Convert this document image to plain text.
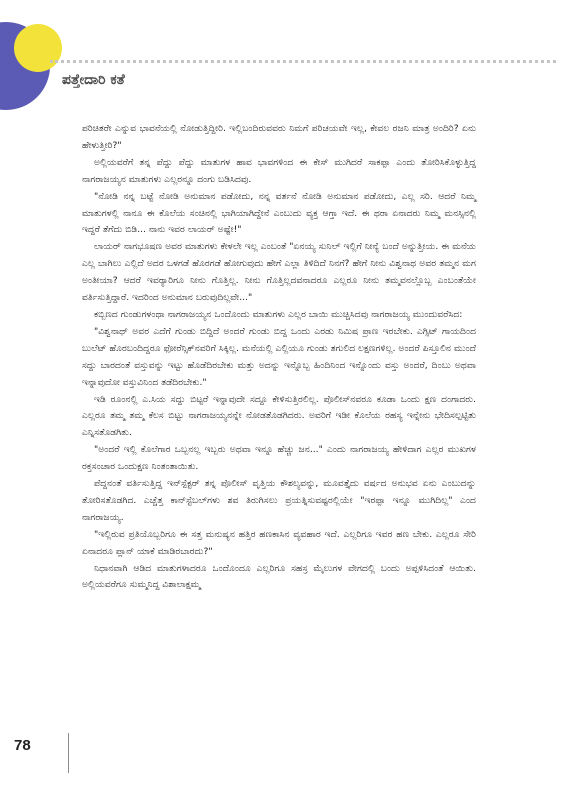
ಪತ್ತೇದಾರಿ ಕತೆ

ಪರಿಚಿತರೇ ಎನ್ನುವ ಭಾವನೆಯಲ್ಲಿ ನೋಡುತ್ತಿದ್ದೀರಿ. ಇಲ್ಲಿಬಂದಿರುವವರು ನಿಮಗೆ ಪರಿಚಯವೇ ಇಲ್ಲ, ಕೇವಲ ರಜನಿ ಮಾತ್ರ ಅಂದಿರಿ? ಏನು ಹೇಳುತ್ತೀರಿ?"

ಅಲ್ಲಿಯವರೆಗೆ ತನ್ನ ಪೆದ್ದು ಪೆದ್ದು ಮಾತುಗಳ ಹಾವ ಭಾವಗಳಿಂದ ಈ ಕೇಸ್ ಮುಗಿದರೆ ಸಾಕಪ್ಪಾ ಎಂದು ತೋರಿಸಿಕೊಳ್ಳುತ್ತಿದ್ದ ನಾಗರಾಜಯ್ಯನ ಮಾತುಗಳು ಎಲ್ಲರನ್ನೂ ದಂಗು ಬಡಿಸಿದವು.

"ನೋಡಿ ನನ್ನ ಬಟ್ಟೆ ನೋಡಿ ಅನುಮಾನ ಪಡೋದು, ನನ್ನ ವರ್ತನೆ ನೋಡಿ ಅನುಮಾನ ಪಡೋದು, ಎಲ್ಲ ಸರಿ. ಆದರೆ ನಿಮ್ಮ ಮಾತುಗಳಲ್ಲಿ ನಾನೂ ಈ ಕೊಲೆಯ ಸಂಚಿನಲ್ಲಿ ಭಾಗಿಯಾಗಿದ್ದೇನೆ ಎಂಬುದು ವ್ಯಕ್ತ ಆಗ್ತಾ ಇದೆ. ಈ ಥರಾ ಏನಾದರು ನಿಮ್ಮ ಮನಸ್ಸಿನಲ್ಲಿ ಇದ್ದರೆ ತೆಗೆದು ಬಿಡಿ... ನಾನು ಇವರ ಲಾಯರ್ ಅಷ್ಟೇ!"

ಲಾಯರ್ ನಾಗಭೂಷಣ ಅವರ ಮಾತುಗಳು ಕೇಳಲೇ ಇಲ್ಲ ಎಂಬಂತೆ "ಏನಯ್ಯ ಸುನಿಲ್ ಇಲ್ಲಿಗೆ ನೀನ್ಯೆ ಬಂದೆ ಅನ್ನುತ್ತೀಯ. ಈ ಮನೆಯ ಎಲ್ಲ ಬಾಗಿಲು ಎಲ್ಲಿದೆ ಅದರ ಒಳಗಡೆ ಹೊರಗಡೆ ಹೋಗುವುದು ಹೇಗೆ ಎಲ್ಲಾ ತಿಳಿದಿದೆ ನಿನಗೆ? ಹೇಗೆ ನೀನು ವಿಶ್ವನಾಥ ಅವರ ತಮ್ಮನ ಮಗ ಅಂತೀಯಾ? ಆದರೆ ಇವರ‍್ಯಾರಿಗೂ ನೀನು ಗೊತ್ತಿಲ್ಲ. ನೀನು ಗೊತ್ತಿಲ್ಲದವನಾದರೂ ಎಲ್ಲರೂ ನೀನು ತಮ್ಮವನಲ್ಲೊಬ್ಬ ಎಂಬಂತೆಯೇ ವರ್ತಿಸುತ್ತಿದ್ದಾರೆ. ಇದರಿಂದ ಅನುಮಾನ ಬರುವುದಿಲ್ಲವೇ..."

ಕಬ್ಬಿಣದ ಗುಂಡುಗಳಂಥಾ ನಾಗರಾಜಯ್ಯನ ಒಂದೊಂದು ಮಾತುಗಳು ಎಲ್ಲರ ಬಾಯಿ ಮುಚ್ಚಿಸಿದವು ನಾಗರಾಜಯ್ಯ ಮುಂದುವರೆಸಿದ:

"ವಿಶ್ವನಾಥ್ ಅವರ ಎದೆಗೆ ಗುಂಡು ಬಿದ್ದಿದೆ ಅಂದರೆ ಗುಂಡು ಬಿದ್ದ ಒಂದು ಎರಡು ನಿಮಿಷ ಪ್ರಾಣ ಇರಬೇಕು. ಎಗ್ಸಿಟ್ ಗಾಯದಿಂದ ಬುಲೆಟ್ ಹೊರಬಂದಿದ್ದರೂ ಫೋರೆನ್ಸಿಕ್‌ನವರಿಗೆ ಸಿಕ್ಕಿಲ್ಲ. ಮನೆಯಲ್ಲಿ ಎಲ್ಲಿಯೂ ಗುಂಡು ತಗುಲಿದ ಲಕ್ಷಣಗಳಿಲ್ಲ. ಅಂದರೆ ಪಿಸ್ತೂಲಿನ ಮುಂದೆ ಸದ್ದು ಬಾರದಂತೆ ವಸ್ತುವನ್ನು ಇಟ್ಟು ಹೊಡೆದಿರಬೇಕು ಮತ್ತು ಅದನ್ನು ಇನ್ನೊಬ್ಬ ಹಿಂದಿನಿಂದ ಇನ್ನೊಂದು ವಸ್ತು ಅಂದರೆ, ದಿಂಬು ಅಥವಾ ಇನ್ನಾವುದೋ ವಸ್ತುವಿನಿಂದ ತಡೆದಿರಬೇಕು."

ಇಡಿ ರೂಂನಲ್ಲಿ ಎ.ಸಿಯ ಸದ್ದು ಬಿಟ್ಟರೆ ಇನ್ನಾವುದೇ ಸದ್ದೂ ಕೇಳಿಸುತ್ತಿರಲಿಲ್ಲ. ಪೊಲೀಸ್‌ನವರೂ ಕೂಡಾ ಒಂದು ಕ್ಷಣ ದಂಗಾದರು. ಎಲ್ಲರೂ ತಮ್ಮ ತಮ್ಮ ಕೆಲಸ ಬಿಟ್ಟು ನಾಗರಾಜಯ್ಯನನ್ನೇ ನೋಡತೊಡಗಿದರು. ಅವರಿಗೆ ಇಡೀ ಕೊಲೆಯ ರಹಸ್ಯ ಇನ್ನೇನು ಭೇದಿಸಲ್ಪಟ್ಟಿತು ಎನ್ನಿಸತೊಡಗಿತು.

"ಅಂದರೆ ಇಲ್ಲಿ ಕೊಲೆಗಾರ ಒಬ್ಬನಲ್ಲ ಇಬ್ಬರು ಅಥವಾ ಇನ್ನೂ ಹೆಚ್ಚು ಜನ..." ಎಂದು ನಾಗರಾಜಯ್ಯ ಹೇಳಿದಾಗ ಎಲ್ಲರ ಮುಖಗಳ ರಕ್ತಸಂಚಾರ ಒಂದುಕ್ಷಣ ನಿಂತಂತಾಯಿತು.

ಪೆದ್ದನಂತೆ ವರ್ತಿಸುತ್ತಿದ್ದ ಇನ್‌ಸ್ಪೆಕ್ಟರ್ ತನ್ನ ಪೊಲೀಸ್ ವೃತ್ತಿಯ ಕೌಶಲ್ಯವನ್ನು, ಮೂವತ್ತೈದು ವರ್ಷದ ಅನುಭವ ಏನು ಎಂಬುದನ್ನು ತೋರಿಸತೊಡಗಿದ. ಎಚ್ಚೆತ್ತ ಕಾನ್‌ಸ್ಟೆಬಲ್‌ಗಳು ಶವ ತಿರುಗಿಸಲು ಪ್ರಯತ್ನಿಸುವಷ್ಟರಲ್ಲಿಯೇ "ಇರಪ್ಪಾ ಇನ್ನೂ ಮುಗಿದಿಲ್ಲ" ಎಂದ ನಾಗರಾಜಯ್ಯ.

"ಇಲ್ಲಿರುವ ಪ್ರತಿಯೊಬ್ಬರಿಗೂ ಈ ಸತ್ತ ಮನುಷ್ಯನ ಹತ್ತಿರ ಹಣಕಾಸಿನ ವ್ಯವಹಾರ ಇದೆ. ಎಲ್ಲರಿಗೂ ಇವರ ಹಣ ಬೇಕು. ಎಲ್ಲರೂ ಸೇರಿ ಏನಾದರೂ ಪ್ಲಾನ್ ಯಾಕೆ ಮಾಡಿರಬಾರದು?"

ನಿಧಾನವಾಗಿ ಆಡಿದ ಮಾತುಗಳಾದರೂ ಒಂದೊಂದೂ ಎಲ್ಲರಿಗೂ ಸಹಸ್ರ ಮೈಲುಗಳ ವೇಗದಲ್ಲಿ ಬಂದು ಅಪ್ಪಳಿಸಿದಂತೆ ಆಯಿತು. ಅಲ್ಲಿಯವರೆಗೂ ಸುಮ್ಮನಿದ್ದ ವಿಶಾಲಾಕ್ಷಮ್ಮ

78
